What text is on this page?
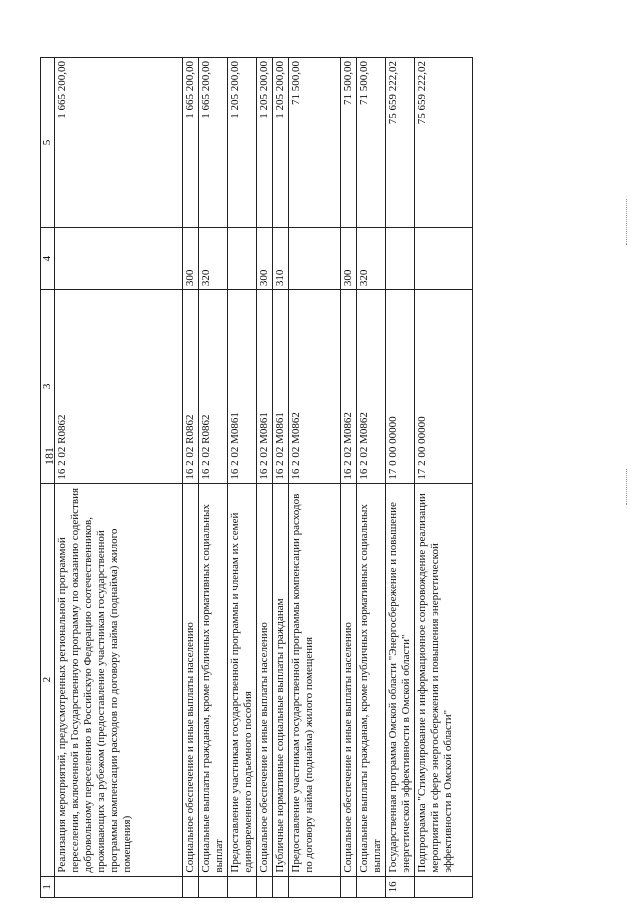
181
1	2	3	4	5
	Реализация мероприятий, предусмотренных региональной программой переселения, включенной в Государственную программу по оказанию содействия добровольному переселению в Российскую Федерацию соотечественников, проживающих за рубежом (предоставление участникам государственной программы компенсации расходов по договору найма (поднайма) жилого помещения)	16 2 02 R0862		1 665 200,00
	Социальное обеспечение и иные выплаты населению	16 2 02 R0862	300	1 665 200,00
	Социальные выплаты гражданам, кроме публичных нормативных социальных выплат	16 2 02 R0862	320	1 665 200,00
	Предоставление участникам государственной программы и членам их семей единовременного подъемного пособия	16 2 02 M0861		1 205 200,00
	Социальное обеспечение и иные выплаты населению	16 2 02 M0861	300	1 205 200,00
	Публичные нормативные социальные выплаты гражданам	16 2 02 M0861	310	1 205 200,00
	Предоставление участникам государственной программы компенсации расходов по договору найма (поднайма) жилого помещения	16 2 02 M0862		71 500,00
	Социальное обеспечение и иные выплаты населению	16 2 02 M0862	300	71 500,00
	Социальные выплаты гражданам, кроме публичных нормативных социальных выплат	16 2 02 M0862	320	71 500,00
16	Государственная программа Омской области "Энергосбережение и повышение энергетической эффективности в Омской области"	17 0 00 00000		75 659 222,02
	Подпрограмма "Стимулирование и информационное сопровождение реализации мероприятий в сфере энергосбережения и повышения энергетической эффективности в Омской области"	17 2 00 00000		75 659 222,02
